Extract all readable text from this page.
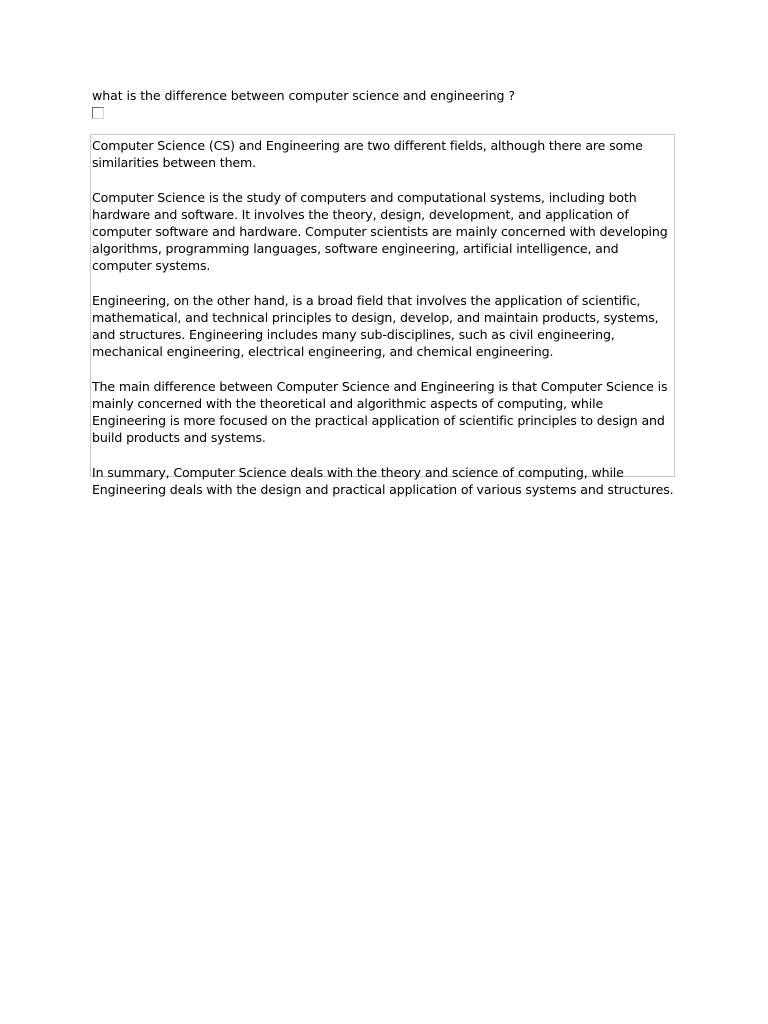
what is the difference between computer science and engineering ?

Computer Science (CS) and Engineering are two different fields, although there are some similarities between them.

Computer Science is the study of computers and computational systems, including both hardware and software. It involves the theory, design, development, and application of computer software and hardware. Computer scientists are mainly concerned with developing algorithms, programming languages, software engineering, artificial intelligence, and computer systems.

Engineering, on the other hand, is a broad field that involves the application of scientific, mathematical, and technical principles to design, develop, and maintain products, systems, and structures. Engineering includes many sub-disciplines, such as civil engineering, mechanical engineering, electrical engineering, and chemical engineering.

The main difference between Computer Science and Engineering is that Computer Science is mainly concerned with the theoretical and algorithmic aspects of computing, while Engineering is more focused on the practical application of scientific principles to design and build products and systems.

In summary, Computer Science deals with the theory and science of computing, while Engineering deals with the design and practical application of various systems and structures.
